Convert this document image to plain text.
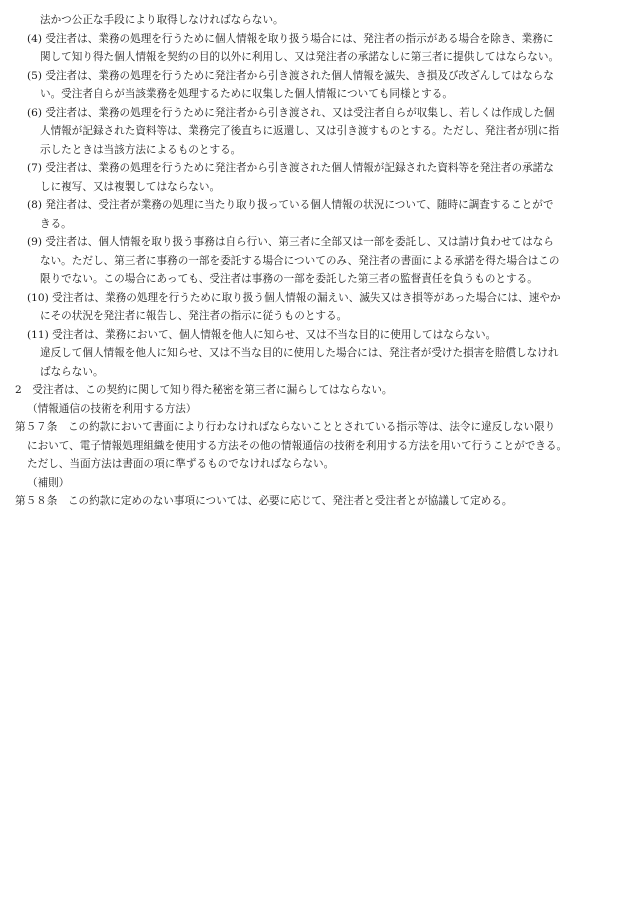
法かつ公正な手段により取得しなければならない。
(4) 受注者は、業務の処理を行うために個人情報を取り扱う場合には、発注者の指示がある場合を除き、業務に
関して知り得た個人情報を契約の目的以外に利用し、又は発注者の承諾なしに第三者に提供してはならない。
(5) 受注者は、業務の処理を行うために発注者から引き渡された個人情報を滅失、き損及び改ざんしてはならな
い。受注者自らが当該業務を処理するために収集した個人情報についても同様とする。
(6) 受注者は、業務の処理を行うために発注者から引き渡され、又は受注者自らが収集し、若しくは作成した個
人情報が記録された資料等は、業務完了後直ちに返還し、又は引き渡すものとする。ただし、発注者が別に指
示したときは当該方法によるものとする。
(7) 受注者は、業務の処理を行うために発注者から引き渡された個人情報が記録された資料等を発注者の承諾な
しに複写、又は複製してはならない。
(8) 発注者は、受注者が業務の処理に当たり取り扱っている個人情報の状況について、随時に調査することがで
きる。
(9) 受注者は、個人情報を取り扱う事務は自ら行い、第三者に全部又は一部を委託し、又は請け負わせてはなら
ない。ただし、第三者に事務の一部を委託する場合についてのみ、発注者の書面による承諾を得た場合はこの
限りでない。この場合にあっても、受注者は事務の一部を委託した第三者の監督責任を負うものとする。
(10) 受注者は、業務の処理を行うために取り扱う個人情報の漏えい、滅失又はき損等があった場合には、速やか
にその状況を発注者に報告し、発注者の指示に従うものとする。
(11) 受注者は、業務において、個人情報を他人に知らせ、又は不当な目的に使用してはならない。
違反して個人情報を他人に知らせ、又は不当な目的に使用した場合には、発注者が受けた損害を賠償しなけれ
ばならない。
2　受注者は、この契約に関して知り得た秘密を第三者に漏らしてはならない。
（情報通信の技術を利用する方法）
第５７条　この約款において書面により行わなければならないこととされている指示等は、法令に違反しない限り
において、電子情報処理組織を使用する方法その他の情報通信の技術を利用する方法を用いて行うことができる。
ただし、当面方法は書面の項に準ずるものでなければならない。
（補則）
第５８条　この約款に定めのない事項については、必要に応じて、発注者と受注者とが協議して定める。
